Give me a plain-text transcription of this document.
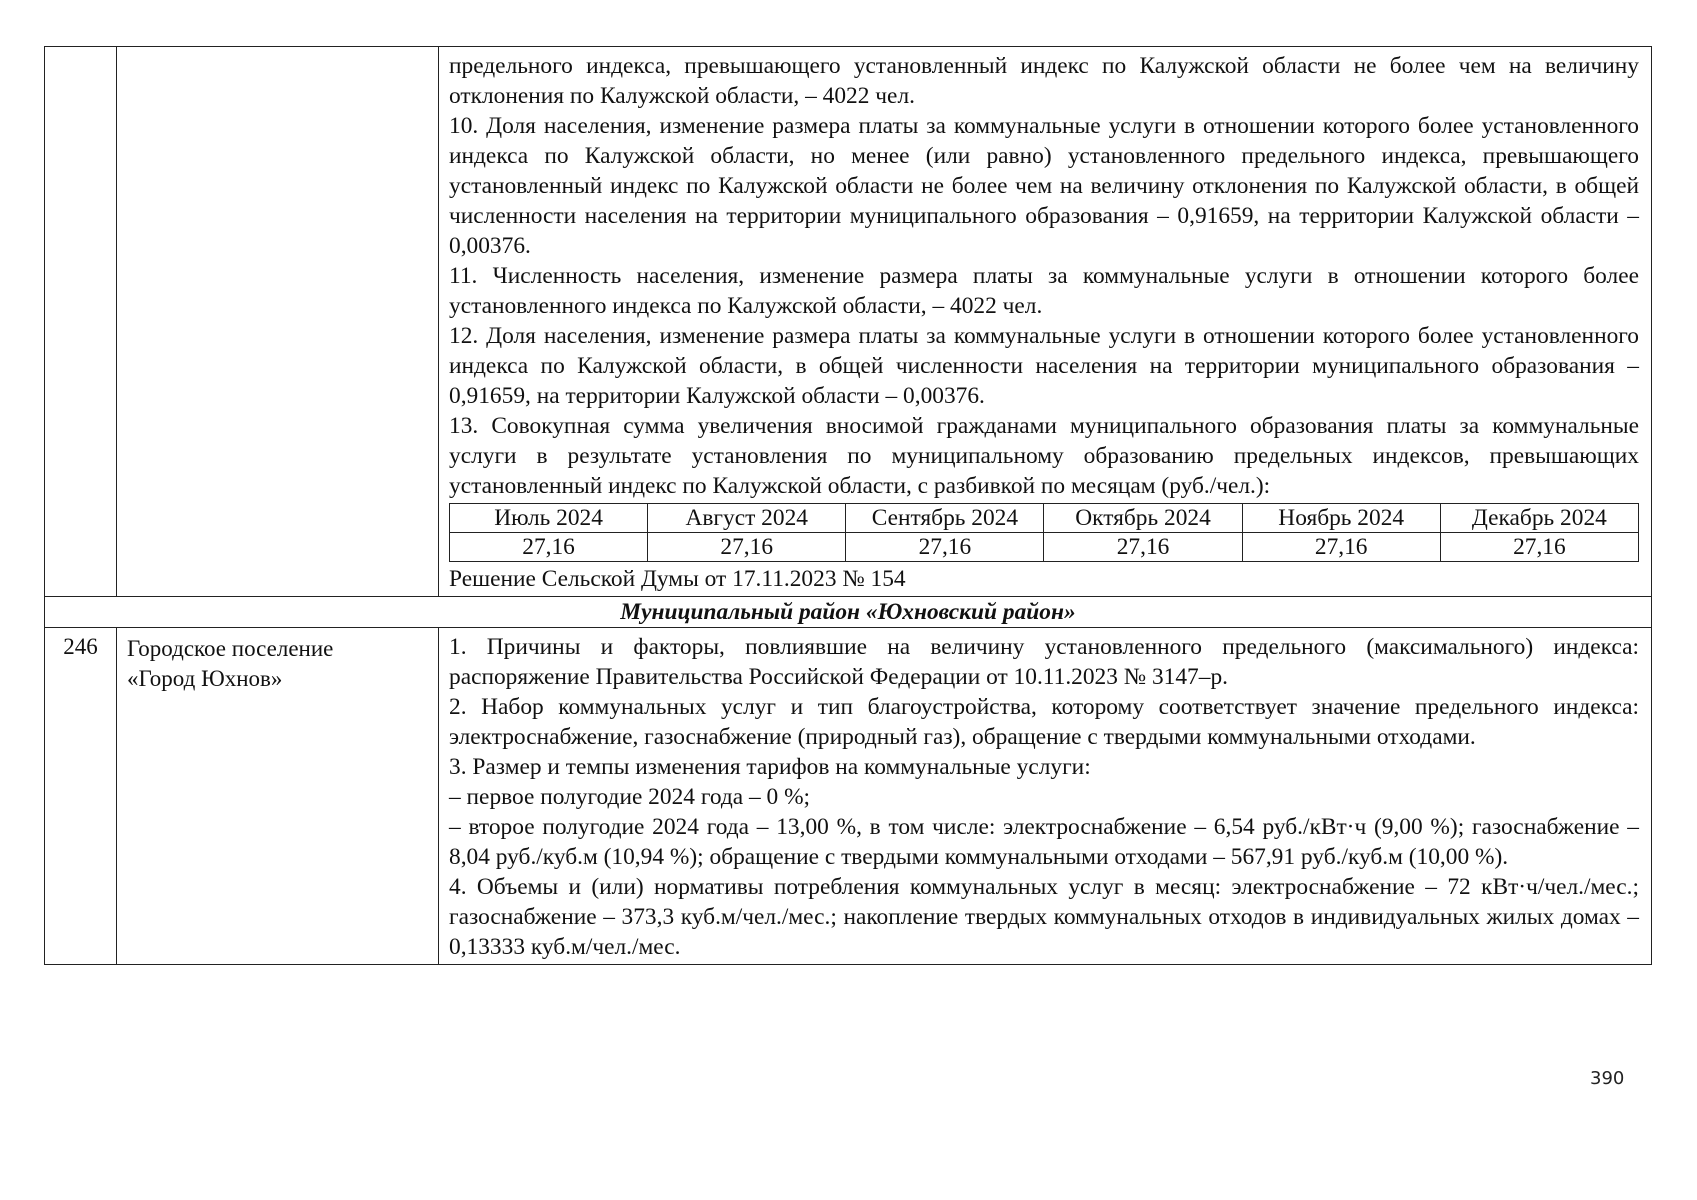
предельного индекса, превышающего установленный индекс по Калужской области не более чем на величину отклонения по Калужской области, – 4022 чел.

10. Доля населения, изменение размера платы за коммунальные услуги в отношении которого более установленного индекса по Калужской области, но менее (или равно) установленного предельного индекса, превышающего установленный индекс по Калужской области не более чем на величину отклонения по Калужской области, в общей численности населения на территории муниципального образования – 0,91659, на территории Калужской области – 0,00376.

11. Численность населения, изменение размера платы за коммунальные услуги в отношении которого более установленного индекса по Калужской области, – 4022 чел.

12. Доля населения, изменение размера платы за коммунальные услуги в отношении которого более установленного индекса по Калужской области, в общей численности населения на территории муниципального образования – 0,91659, на территории Калужской области – 0,00376.

13. Совокупная сумма увеличения вносимой гражданами муниципального образования платы за коммунальные услуги в результате установления по муниципальному образованию предельных индексов, превышающих установленный индекс по Калужской области, с разбивкой по месяцам (руб./чел.):

Июль 2024	Август 2024	Сентябрь 2024	Октябрь 2024	Ноябрь 2024	Декабрь 2024
27,16	27,16	27,16	27,16	27,16	27,16

Решение Сельской Думы от 17.11.2023 № 154

Муниципальный район «Юхновский район»
246	Городское поселение
«Город Юхнов»

1. Причины и факторы, повлиявшие на величину установленного предельного (максимального) индекса: распоряжение Правительства Российской Федерации от 10.11.2023 № 3147–р.

2. Набор коммунальных услуг и тип благоустройства, которому соответствует значение предельного индекса: электроснабжение, газоснабжение (природный газ), обращение с твердыми коммунальными отходами.

3. Размер и темпы изменения тарифов на коммунальные услуги:

– первое полугодие 2024 года – 0 %;

– второе полугодие 2024 года – 13,00 %, в том числе: электроснабжение – 6,54 руб./кВт·ч (9,00 %); газоснабжение – 8,04 руб./куб.м (10,94 %); обращение с твердыми коммунальными отходами – 567,91 руб./куб.м (10,00 %).

4. Объемы и (или) нормативы потребления коммунальных услуг в месяц: электроснабжение – 72 кВт·ч/чел./мес.; газоснабжение – 373,3 куб.м/чел./мес.; накопление твердых коммунальных отходов в индивидуальных жилых домах – 0,13333 куб.м/чел./мес.

390
